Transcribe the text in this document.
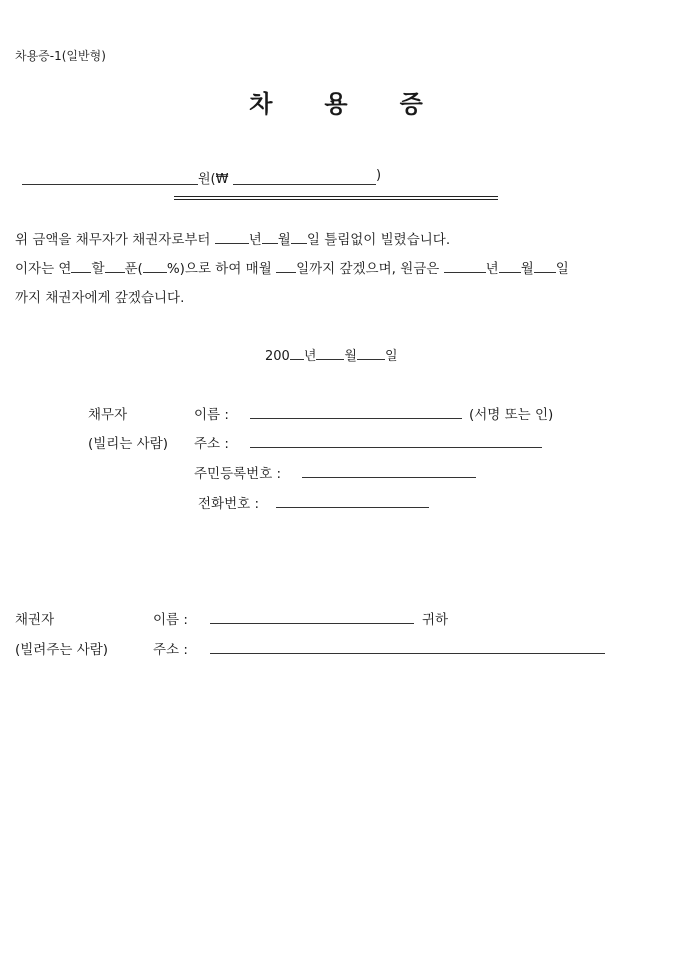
차용증-1(일반형)
차용증
원(₩	)
위 금액을 채무자가 채권자로부터	년 월 일 틀림없이 빌렸습니다.
이자는 연 할 푼( %)으로 하여 매월 일까지 갚겠으며, 원금은	년 월 일
까지 채권자에게 갚겠습니다.
200 년 월 일
채무자
(빌리는 사람)
이름 :	(서명 또는 인)
주소 :
주민등록번호 :
전화번호 :
채권자
(빌려주는 사람)
이름 :	귀하
주소 :
